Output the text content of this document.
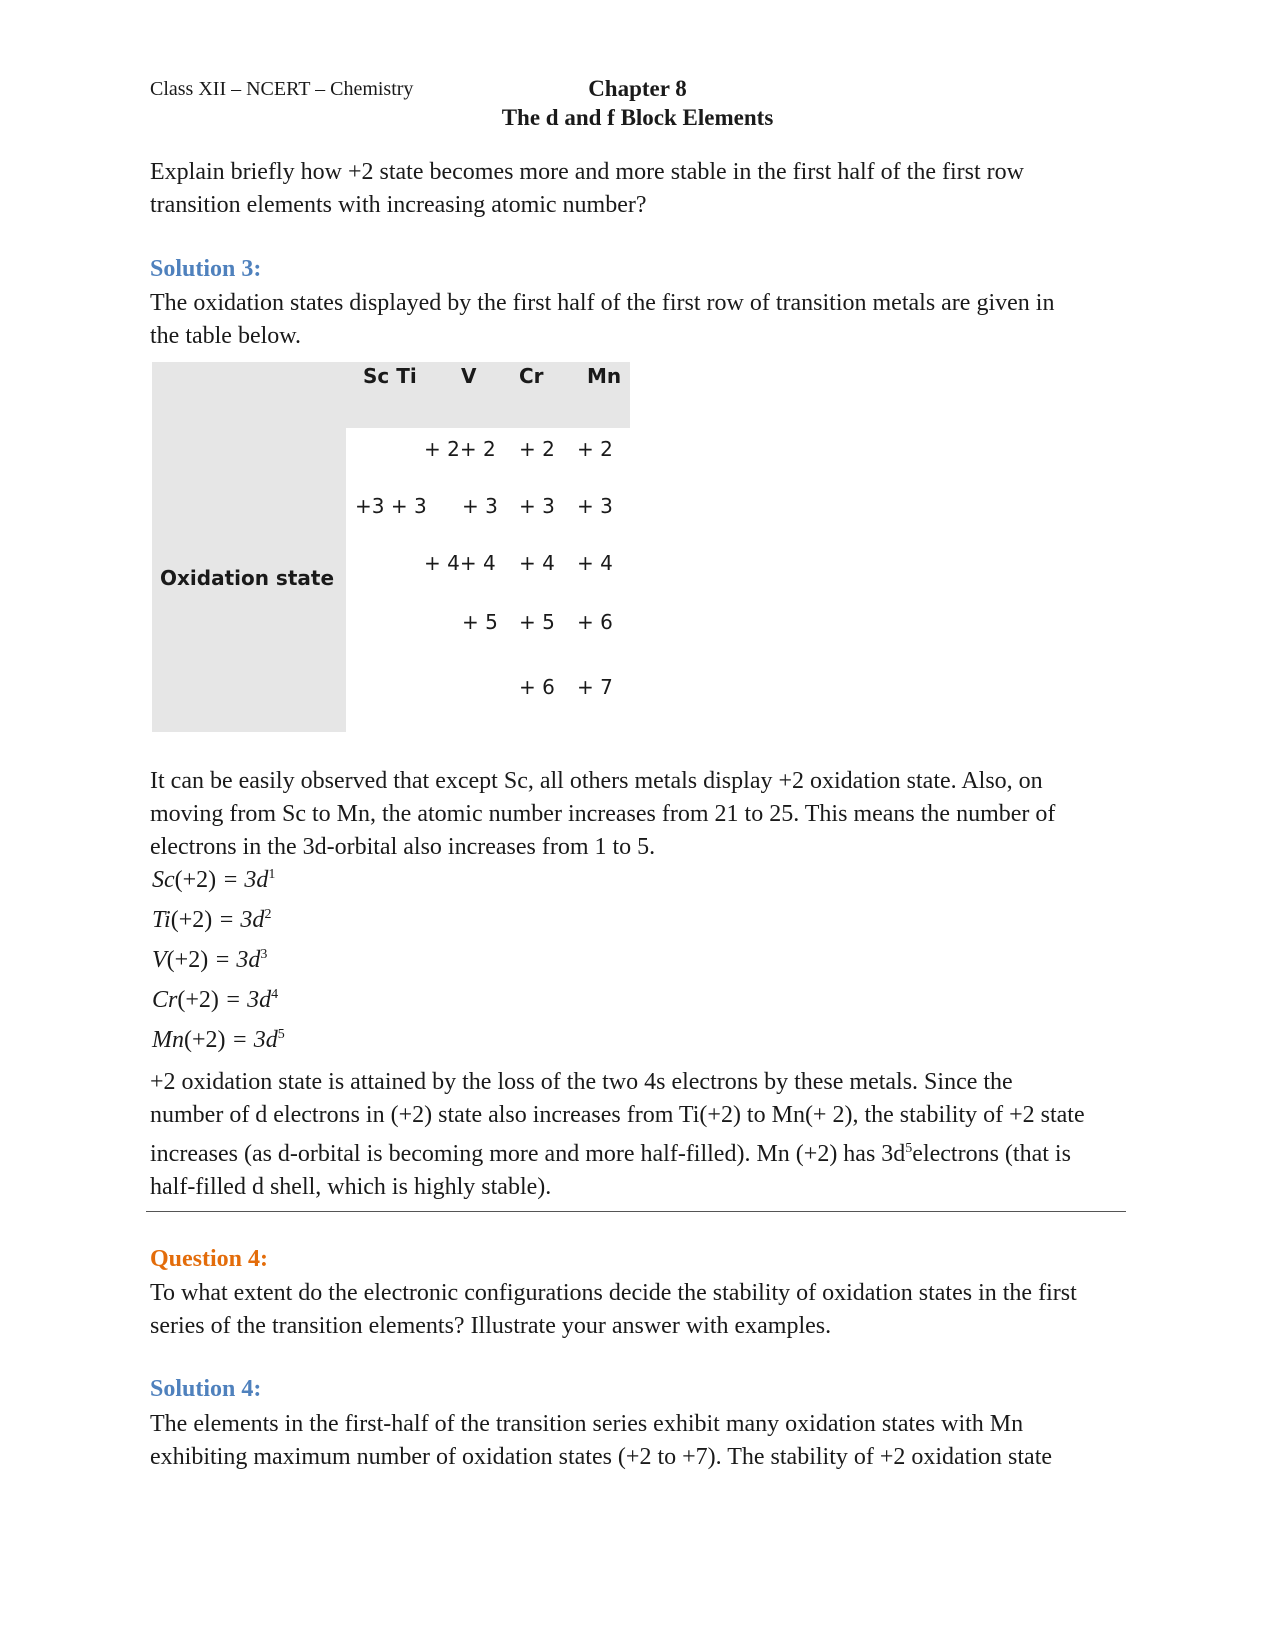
Class XII – NCERT – Chemistry	Chapter 8
The d and f Block Elements
Explain briefly how +2 state becomes more and more stable in the first half of the first row
transition elements with increasing atomic number?
Solution 3:
The oxidation states displayed by the first half of the first row of transition metals are given in
the table below.
Sc Ti V Cr Mn
Oxidation state
+ 2+ 2 + 2 + 2
+3 + 3 + 3 + 3 + 3
+ 4+ 4 + 4 + 4
+ 5 + 5 + 6
+ 6 + 7
It can be easily observed that except Sc, all others metals display +2 oxidation state. Also, on
moving from Sc to Mn, the atomic number increases from 21 to 25. This means the number of
electrons in the 3d-orbital also increases from 1 to 5.
$Sc(+2) = 3d^1$
$Ti(+2) = 3d^2$
$V(+2) = 3d^3$
$Cr(+2) = 3d^4$
$Mn(+2) = 3d^5$
+2 oxidation state is attained by the loss of the two 4s electrons by these metals. Since the
number of d electrons in (+2) state also increases from Ti(+2) to Mn(+ 2), the stability of +2 state
increases (as d-orbital is becoming more and more half-filled). Mn (+2) has $3d^5electrons$ (that is
half-filled d shell, which is highly stable).
Question 4:
To what extent do the electronic configurations decide the stability of oxidation states in the first
series of the transition elements? Illustrate your answer with examples.
Solution 4:
The elements in the first-half of the transition series exhibit many oxidation states with Mn
exhibiting maximum number of oxidation states (+2 to +7). The stability of +2 oxidation state
